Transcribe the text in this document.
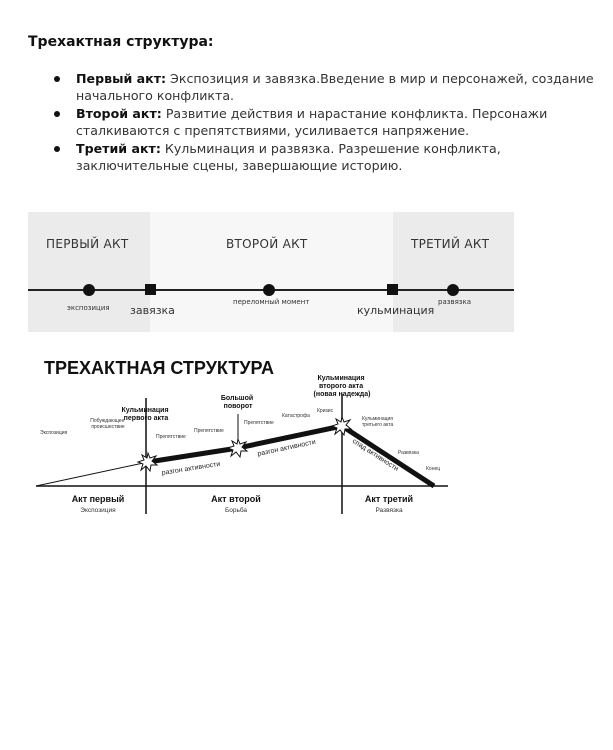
Трехактная структура:
Первый акт: Экспозиция и завязка.Введение в мир и персонажей, создание начального конфликта.
Второй акт: Развитие действия и нарастание конфликта. Персонажи сталкиваются с препятствиями, усиливается напряжение.
Третий акт: Кульминация и развязка. Разрешение конфликта, заключительные сцены, завершающие историю.
ПЕРВЫЙ АКТ	ВТОРОЙ АКТ	ТРЕТИЙ АКТ
экспозиция завязка
переломный момент
кульминация
развязка
ТРЕХАКТНАЯ СТРУКТУРА
Кульминация первого акта
Большой поворот
Кульминация второго акта (новая надежда)
Экспозиция
Побуждающее происшествие
Препятствие
Препятствие
Препятствие
Катастрофа
Кризис
Кульминация третьего акта
Развязка
Конец
разгон активности
разгон активности	спад активности
Акт первый
Экспозиция
Акт второй
Борьба
Акт третий
Развязка
